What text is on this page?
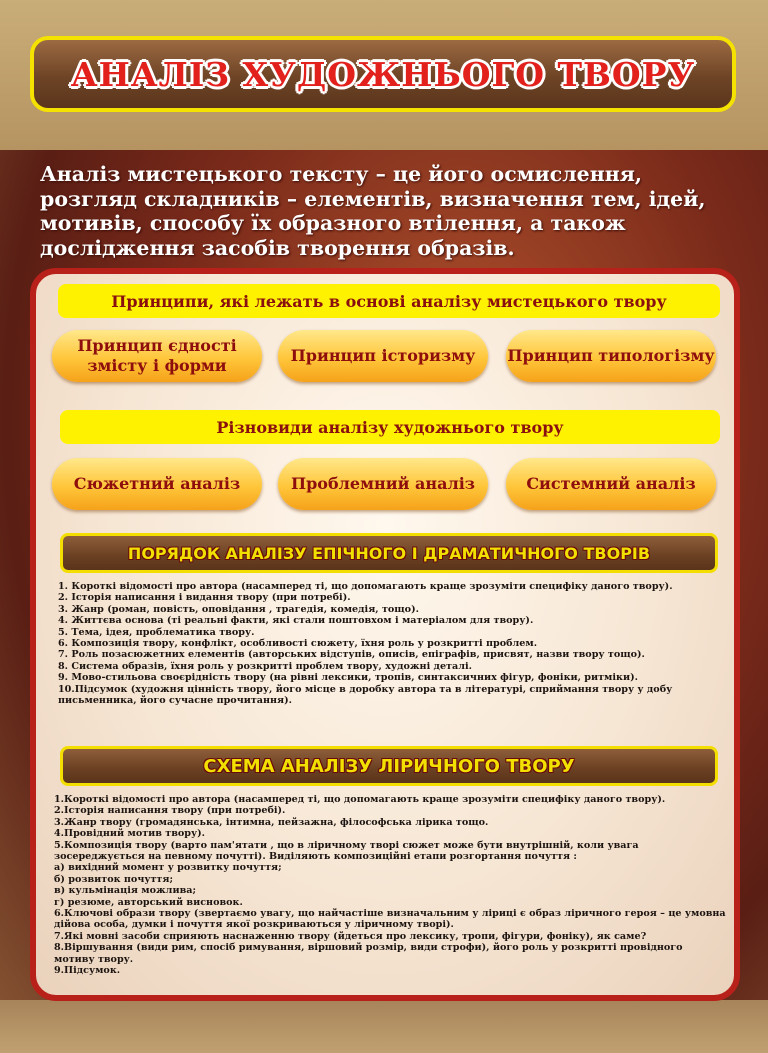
АНАЛІЗ ХУДОЖНЬОГО ТВОРУ

Аналіз мистецького тексту – це його осмислення, розгляд складників – елементів, визначення тем, ідей, мотивів, способу їх образного втілення, а також дослідження засобів творення образів.

Принципи, які лежать в основі аналізу мистецького твору
Принцип єдності змісту і форми
Принцип історизму	Принцип типологізму
Різновиди аналізу художнього твору
Сюжетний аналіз	Проблемний аналіз	Системний аналіз
ПОРЯДОК АНАЛІЗУ ЕПІЧНОГО І ДРАМАТИЧНОГО ТВОРІВ
1. Короткі відомості про автора (насамперед ті, що допомагають краще зрозуміти специфіку даного твору).
2. Історія написання і видання твору (при потребі).
3. Жанр (роман, повість, оповідання , трагедія, комедія, тощо).
4. Життєва основа (ті реальні факти, які стали поштовхом і матеріалом для твору).
5. Тема, ідея, проблематика твору.
6. Композиція твору, конфлікт, особливості сюжету, їхня роль у розкритті проблем.
7. Роль позасюжетних елементів (авторських відступів, описів, епіграфів, присвят, назви твору тощо).
8. Система образів, їхня роль у розкритті проблем твору, художні деталі.
9. Мово-стильова своєрідність твору (на рівні лексики, тропів, синтаксичних фігур, фоніки, ритміки).
10.Підсумок (художня цінність твору, його місце в доробку автора та в літературі, сприймання твору у добу письменника, його сучасне прочитання).
СХЕМА АНАЛІЗУ ЛІРИЧНОГО ТВОРУ
1.Короткі відомості про автора (насамперед ті, що допомагають краще зрозуміти специфіку даного твору).
2.Історія написання твору (при потребі).
3.Жанр твору (громадянська, інтимна, пейзажна, філософська лірика тощо.
4.Провідний мотив твору).
5.Композиція твору (варто пам'ятати , що в ліричному творі сюжет може бути внутрішній, коли увага зосереджується на певному почутті). Виділяють композиційні етапи розгортання почуття :
а) вихідний момент у розвитку почуття;
б) розвиток почуття;
в) кульмінація можлива;
г) резюме, авторський висновок.
6.Ключові образи твору (звертаємо увагу, що найчастіше визначальним у ліриці є образ ліричного героя – це умовна дійова особа, думки і почуття якої розкриваються у ліричному творі).
7.Які мовні засоби сприяють наснаженню твору (йдеться про лексику, тропи, фігури, фоніку), як саме?
8.Віршування (види рим, спосіб римування, віршовий розмір, види строфи), його роль у розкритті провідного мотиву твору.
9.Підсумок.
